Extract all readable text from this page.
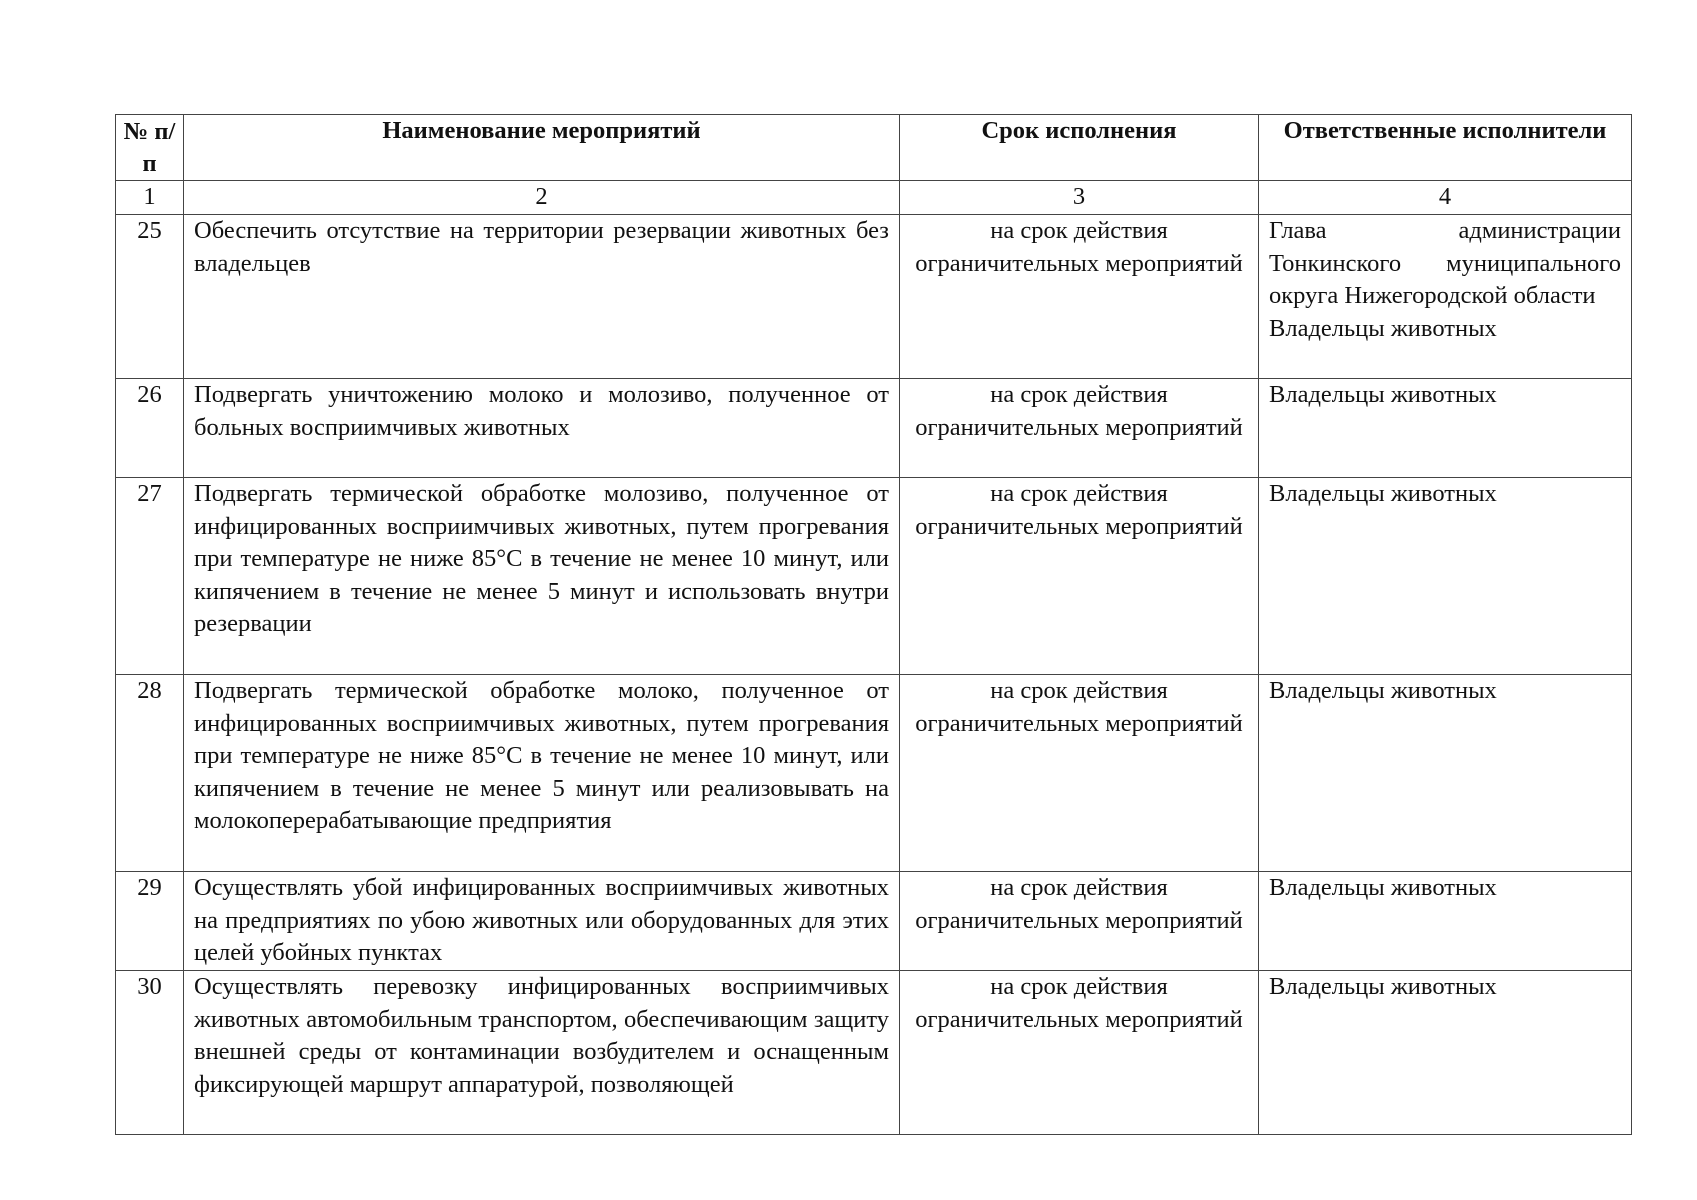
№ п/п	Наименование мероприятий	Срок исполнения	Ответственные исполнители
1	2	3	4
25	Обеспечить отсутствие на территории резервации животных без владельцев	на срок действия ограничительных мероприятий	Глава администрации Тонкинского муниципального округа Нижегородской области
Владельцы животных

26	Подвергать уничтожению молоко и молозиво, полученное от больных восприимчивых животных	на срок действия ограничительных мероприятий	Владельцы животных
27	Подвергать термической обработке молозиво, полученное от инфицированных восприимчивых животных, путем прогревания при температуре не ниже 85°С в течение не менее 10 минут, или кипячением в течение не менее 5 минут и использовать внутри резервации	на срок действия ограничительных мероприятий	Владельцы животных
28	Подвергать термической обработке молоко, полученное от инфицированных восприимчивых животных, путем прогревания при температуре не ниже 85°С в течение не менее 10 минут, или кипячением в течение не менее 5 минут или реализовывать на молокоперерабатывающие предприятия	на срок действия ограничительных мероприятий	Владельцы животных
29	Осуществлять убой инфицированных восприимчивых животных на предприятиях по убою животных или оборудованных для этих целей убойных пунктах	на срок действия ограничительных мероприятий	Владельцы животных
30	Осуществлять перевозку инфицированных восприимчивых животных автомобильным транспортом, обеспечивающим защиту внешней среды от контаминации возбудителем и оснащенным фиксирующей маршрут аппаратурой, позволяющей	на срок действия ограничительных мероприятий	Владельцы животных
